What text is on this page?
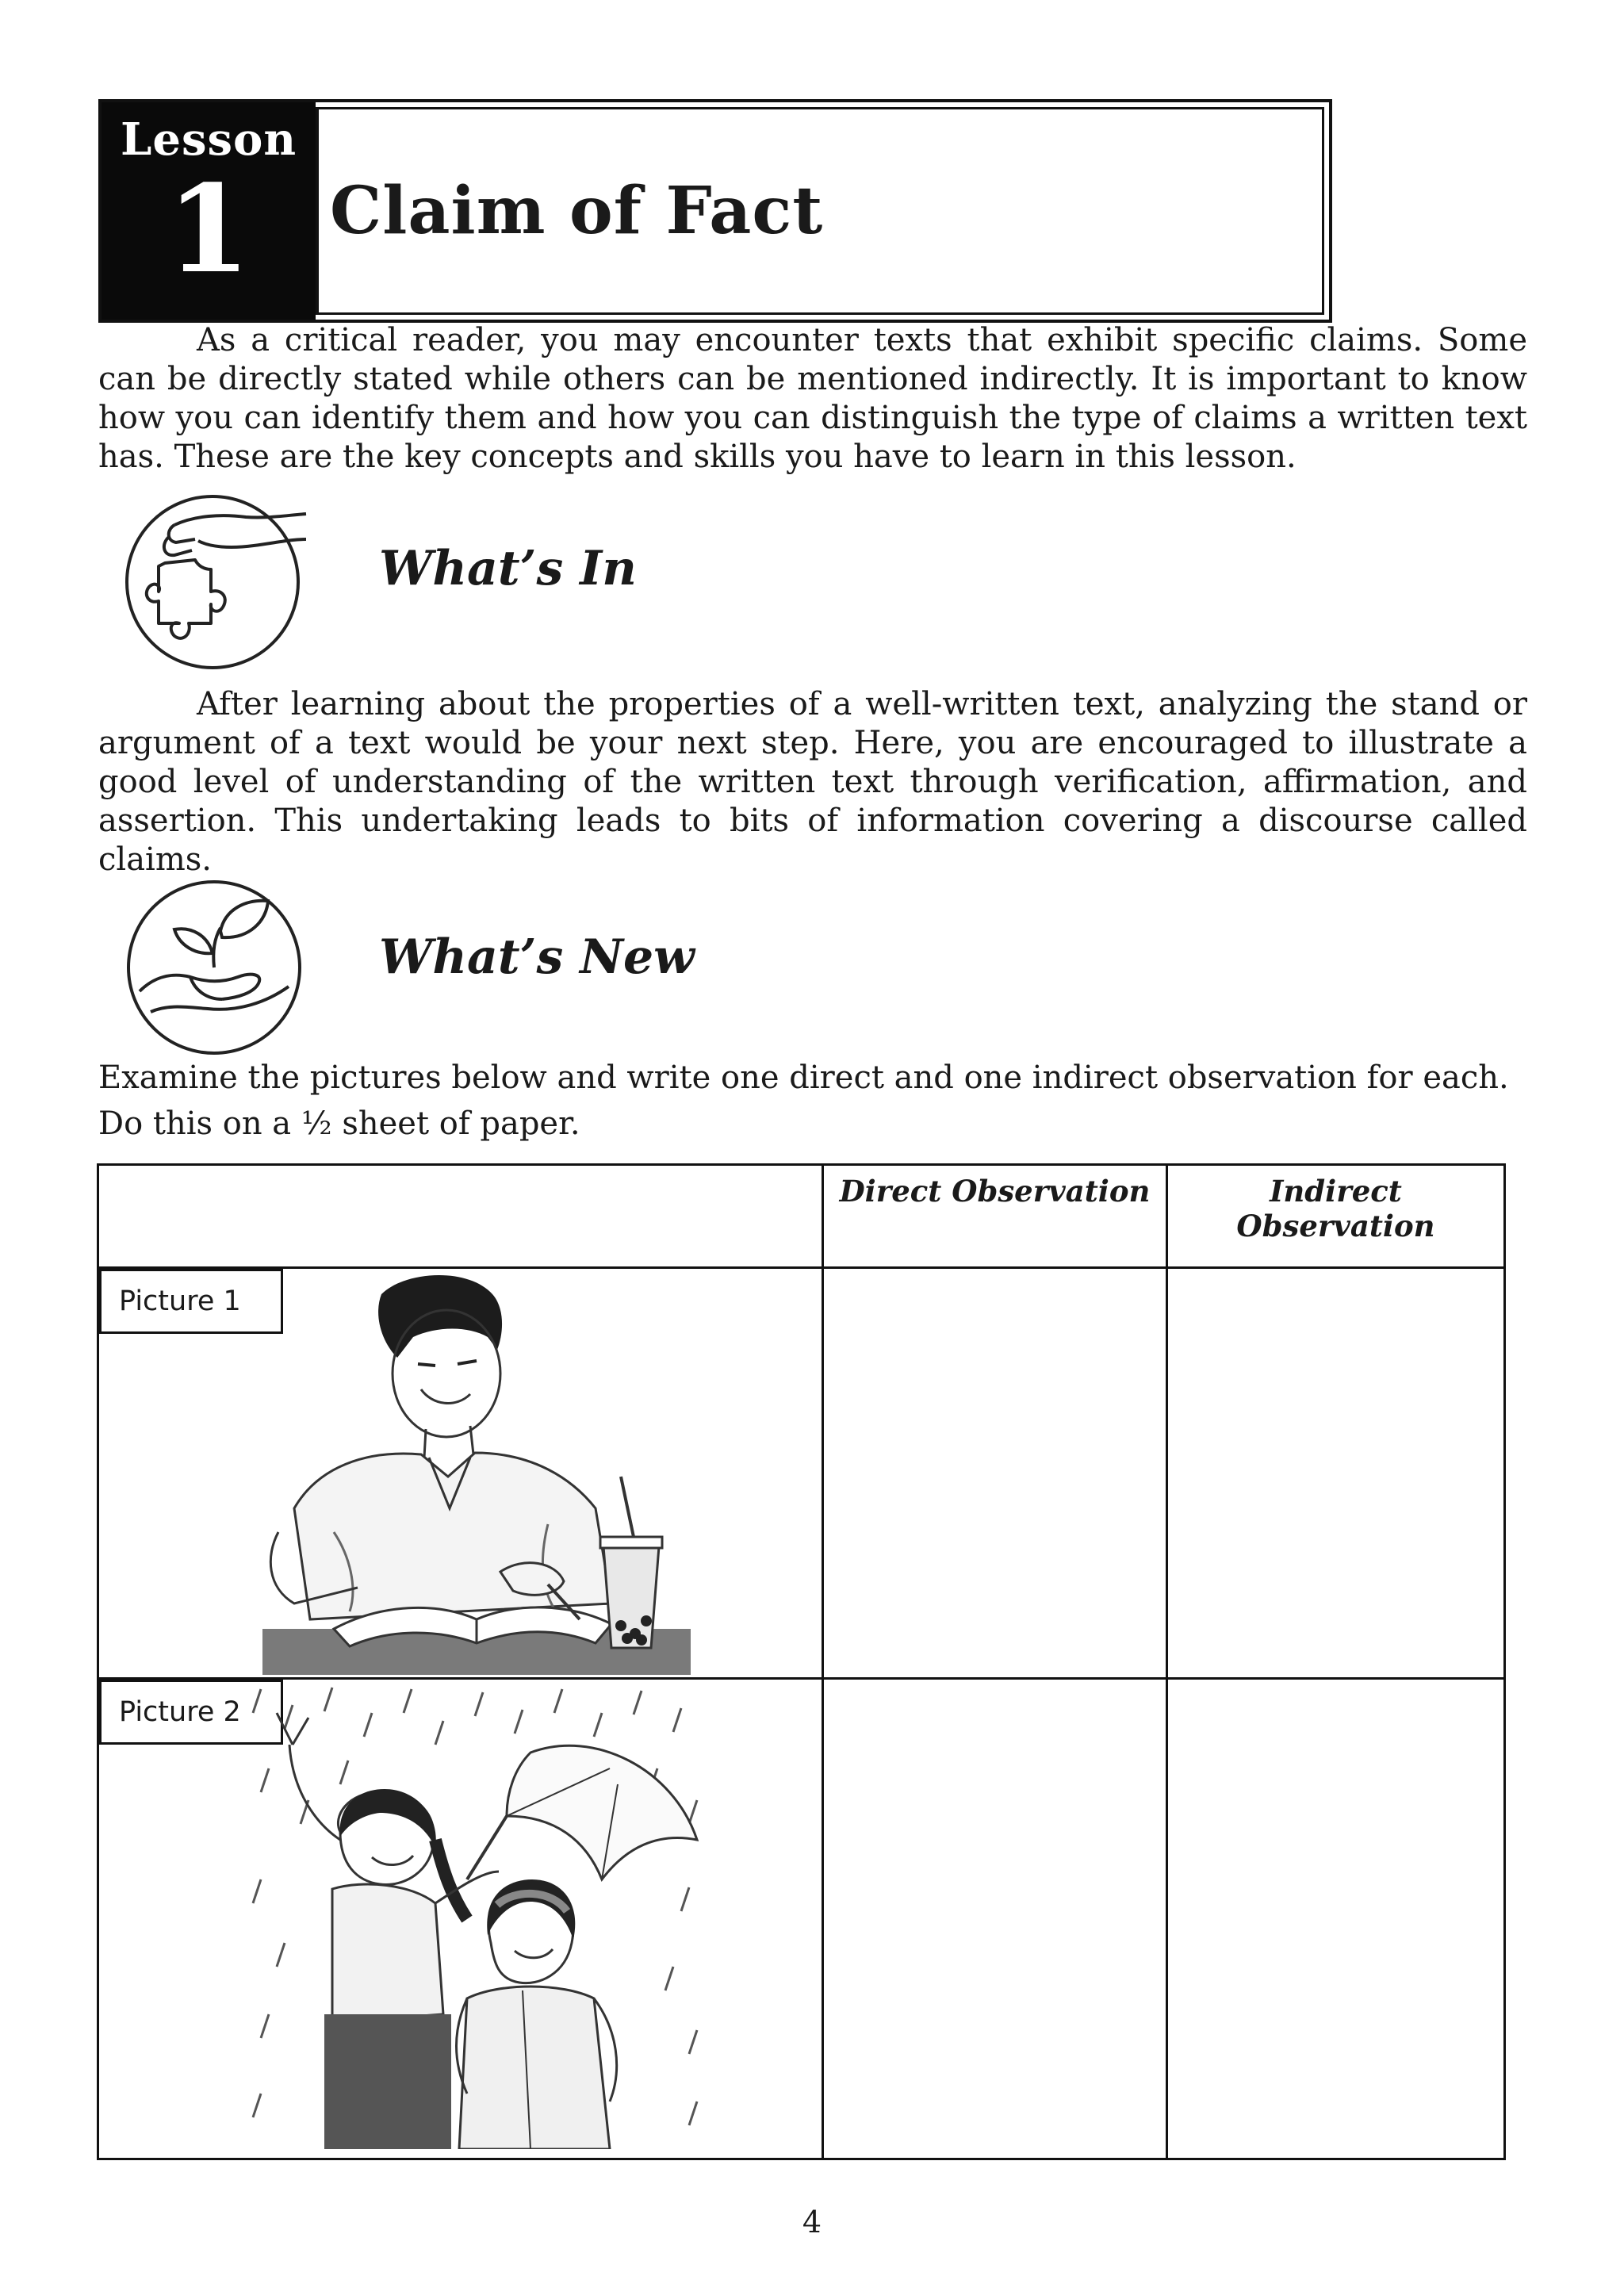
Lesson
1	Claim of Fact

As a critical reader, you may encounter texts that exhibit specific claims. Some can be directly stated while others can be mentioned indirectly. It is important to know how you can identify them and how you can distinguish the type of claims a written text has. These are the key concepts and skills you have to learn in this lesson.

What’s In

After learning about the properties of a well-written text, analyzing the stand or argument of a text would be your next step. Here, you are encouraged to illustrate a good level of understanding of the written text through verification, affirmation, and assertion. This undertaking leads to bits of information covering a discourse called claims.

What’s New

Examine the pictures below and write one direct and one indirect observation for each.

Do this on a ½ sheet of paper.

	Direct Observation	Indirect Observation

Picture 1		

Picture 2		

4
